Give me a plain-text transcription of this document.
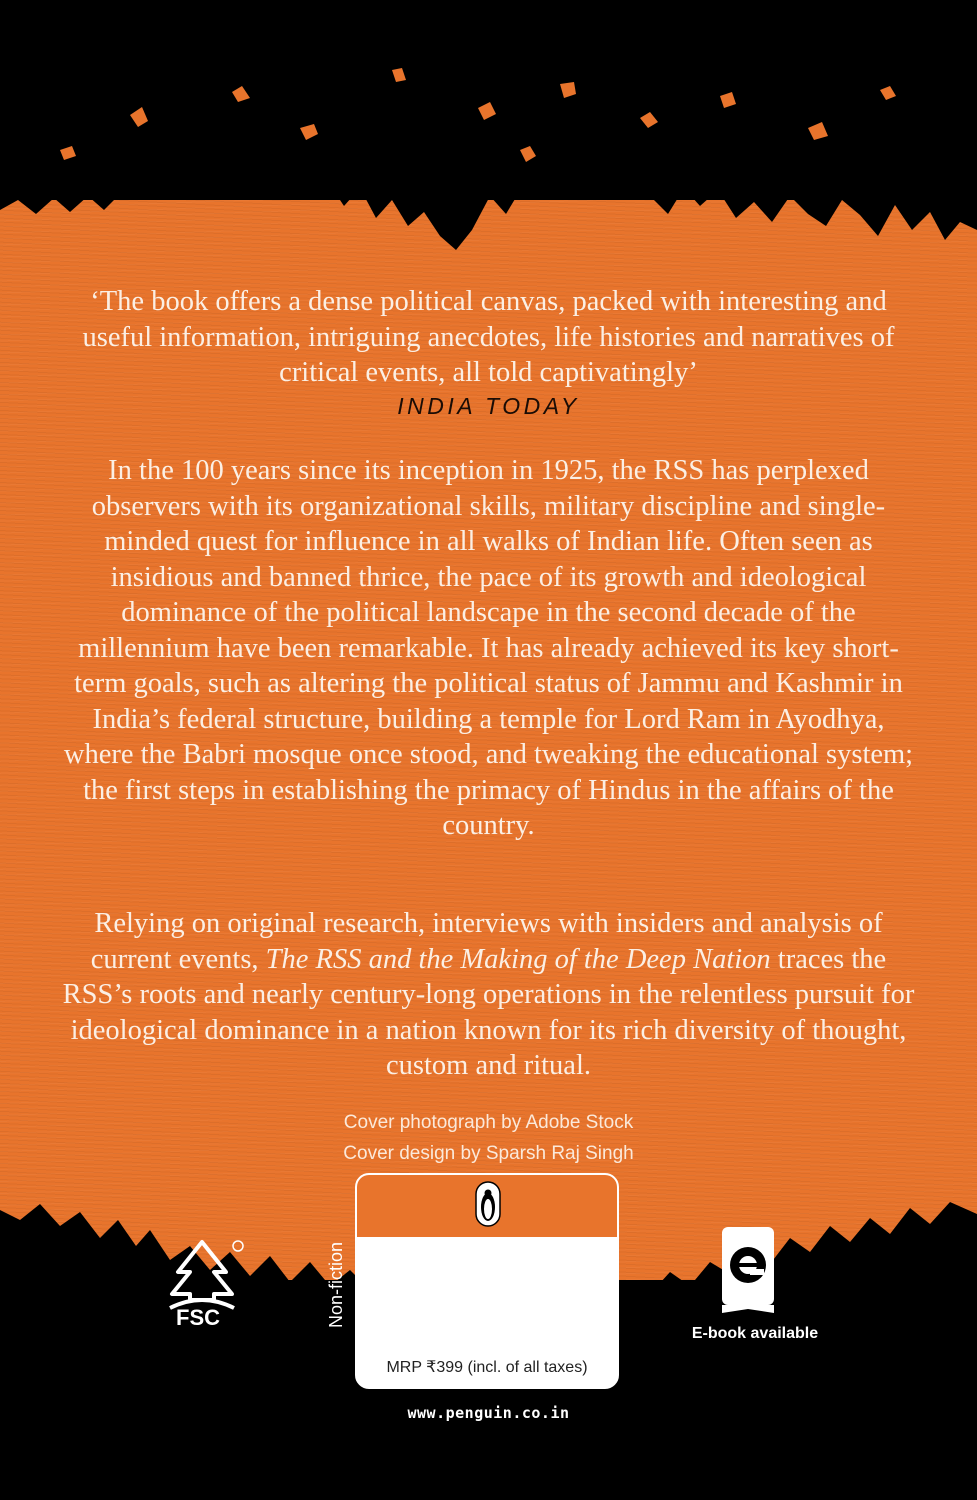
‘The book offers a dense political canvas, packed with interesting and useful information, intriguing anecdotes, life histories and narratives of critical events, all told captivatingly’
INDIA TODAY
In the 100 years since its inception in 1925, the RSS has perplexed observers with its organizational skills, military discipline and single-minded quest for influence in all walks of Indian life. Often seen as insidious and banned thrice, the pace of its growth and ideological dominance of the political landscape in the second decade of the millennium have been remarkable. It has already achieved its key short-term goals, such as altering the political status of Jammu and Kashmir in India’s federal structure, building a temple for Lord Ram in Ayodhya, where the Babri mosque once stood, and tweaking the educational system; the first steps in establishing the primacy of Hindus in the affairs of the country.
Relying on original research, interviews with insiders and analysis of current events, The RSS and the Making of the Deep Nation traces the RSS’s roots and nearly century-long operations in the relentless pursuit for ideological dominance in a nation known for its rich diversity of thought, custom and ritual.
Cover photograph by Adobe Stock
Cover design by Sparsh Raj Singh
FSC	Non-fiction
MRP ₹399 (incl. of all taxes)
www.penguin.co.in
E-book available
